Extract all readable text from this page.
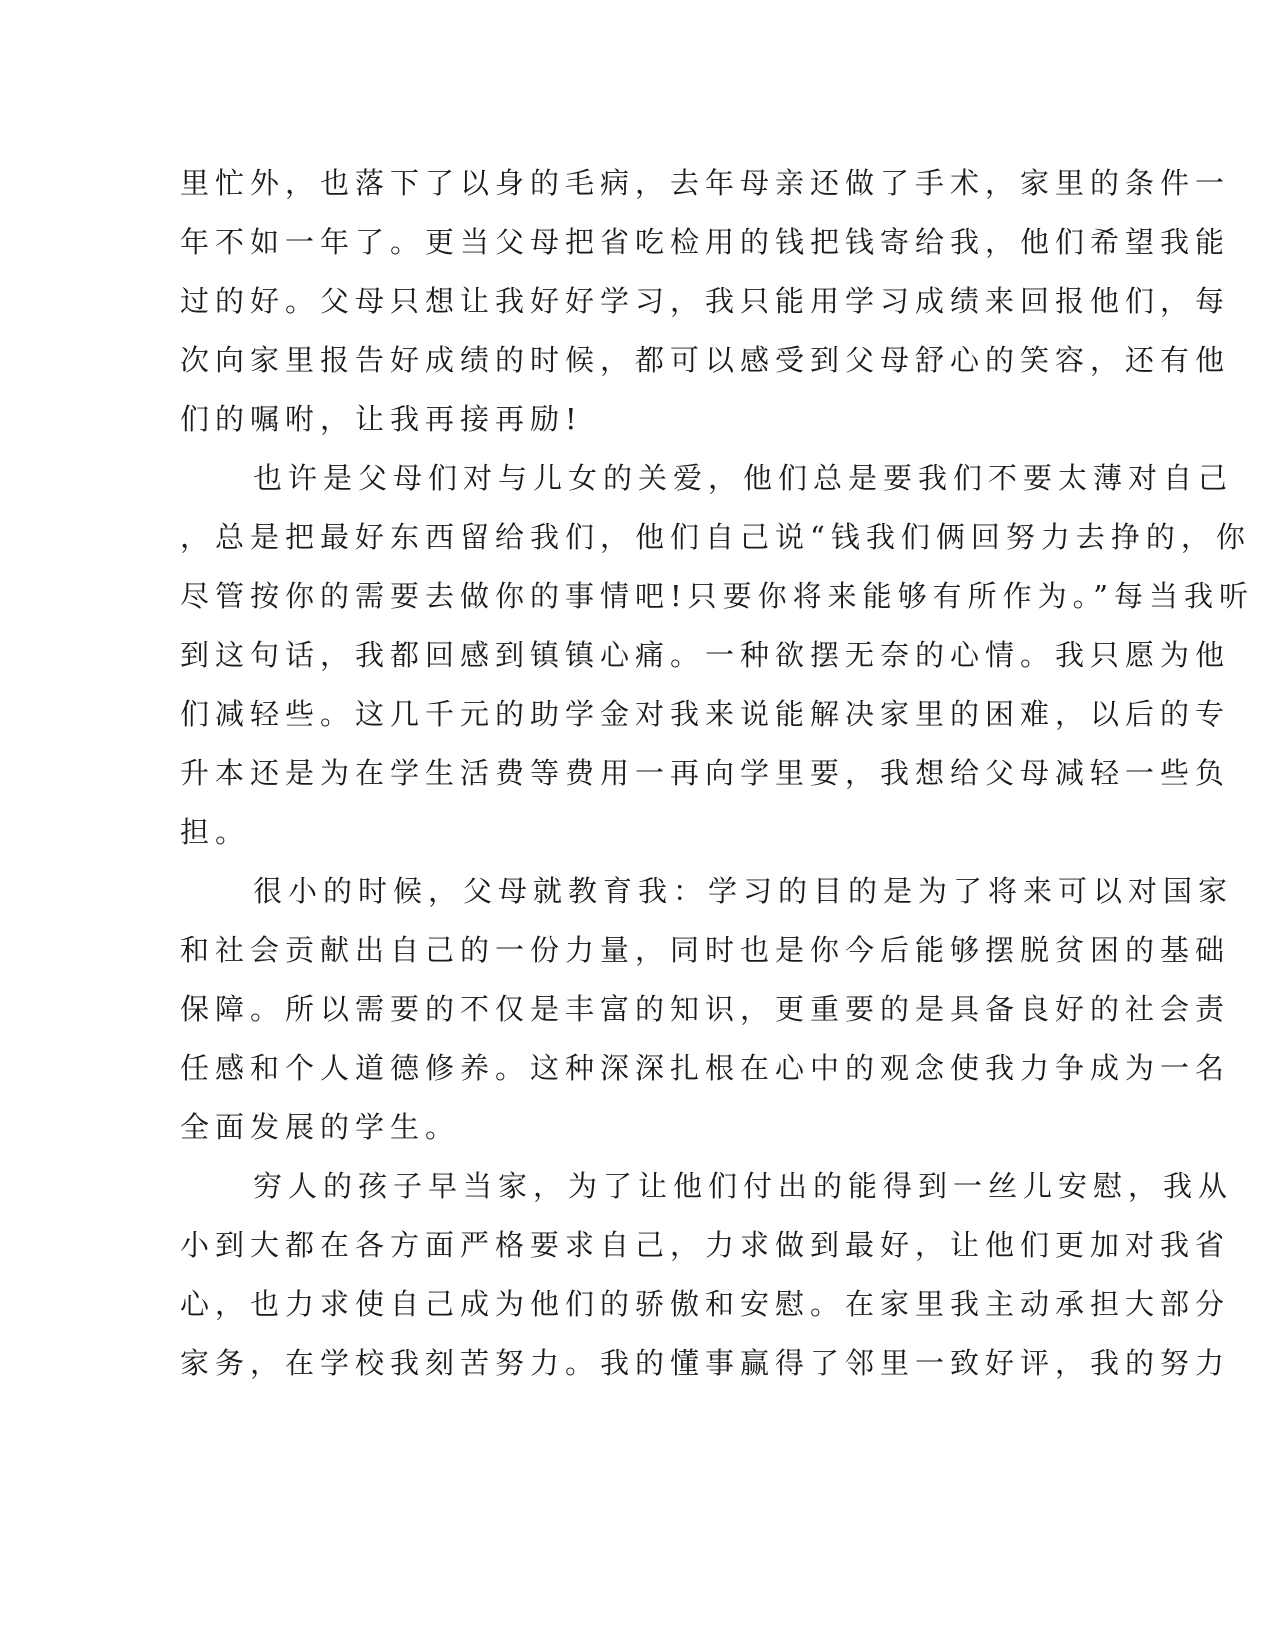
里忙外，也落下了以身的毛病，去年母亲还做了手术，家里的条件一
年不如一年了。更当父母把省吃检用的钱把钱寄给我，他们希望我能
过的好。父母只想让我好好学习，我只能用学习成绩来回报他们，每
次向家里报告好成绩的时候，都可以感受到父母舒心的笑容，还有他
们的嘱咐，让我再接再励!
也许是父母们对与儿女的关爱，他们总是要我们不要太薄对自己
，总是把最好东西留给我们，他们自己说“钱我们俩回努力去挣的，你
尽管按你的需要去做你的事情吧!只要你将来能够有所作为。”每当我听
到这句话，我都回感到镇镇心痛。一种欲摆无奈的心情。我只愿为他
们减轻些。这几千元的助学金对我来说能解决家里的困难，以后的专
升本还是为在学生活费等费用一再向学里要，我想给父母减轻一些负
担。
很小的时候，父母就教育我：学习的目的是为了将来可以对国家
和社会贡献出自己的一份力量，同时也是你今后能够摆脱贫困的基础
保障。所以需要的不仅是丰富的知识，更重要的是具备良好的社会责
任感和个人道德修养。这种深深扎根在心中的观念使我力争成为一名
全面发展的学生。
穷人的孩子早当家，为了让他们付出的能得到一丝儿安慰，我从
小到大都在各方面严格要求自己，力求做到最好，让他们更加对我省
心，也力求使自己成为他们的骄傲和安慰。在家里我主动承担大部分
家务，在学校我刻苦努力。我的懂事赢得了邻里一致好评，我的努力
